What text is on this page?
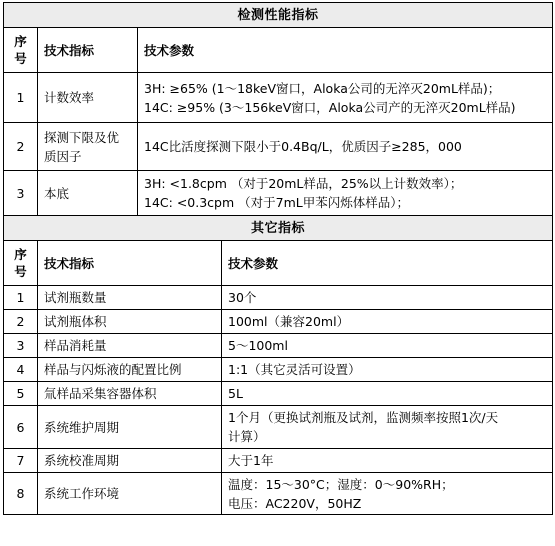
检测性能指标		
序号	技术指标	技术参数
1	计数效率	3H: ≥65% (1～18keV窗口，Aloka公司的无淬灭20mL样品)；
14C: ≥95% (3～156keV窗口，Aloka公司产的无淬灭20mL样品)

2	探测下限及优质因子	14C比活度探测下限小于0.4Bq/L，优质因子≥285，000

3	本底	3H: <1.8cpm （对于20mL样品，25%以上计数效率）；
14C: <0.3cpm （对于7mL甲苯闪烁体样品）；
其它指标		
序号	技术指标	技术参数
1	试剂瓶数量	30个

2	试剂瓶体积	100ml（兼容20ml）

3	样品消耗量	5～100ml

4	样品与闪烁液的配置比例	1:1（其它灵活可设置）

5	氚样品采集容器体积	5L

6	系统维护周期	1个月（更换试剂瓶及试剂，监测频率按照1次/天
计算）

7	系统校准周期	大于1年

8	系统工作环境	温度：15～30°C；湿度：0～90%RH；
电压：AC220V，50HZ
